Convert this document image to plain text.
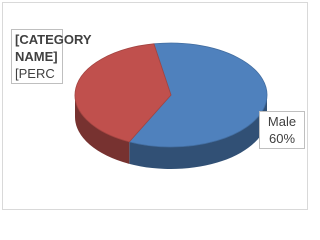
Male
60%
[CATEGORY NAME]
[PERC
